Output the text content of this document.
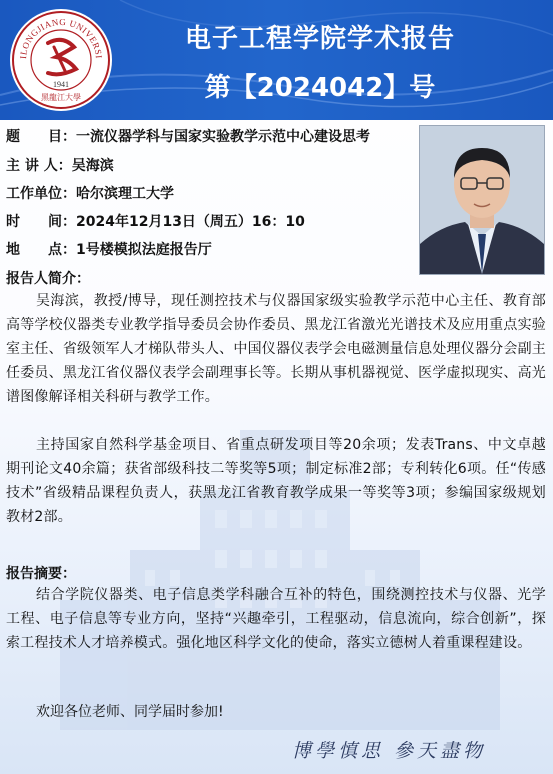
ILONGJIANG UNIVERSI
1941
黑龍江大學
电子工程学院学术报告
第【2024042】号
题　　目：一流仪器学科与国家实验教学示范中心建设思考
主 讲 人：吴海滨
工作单位：哈尔滨理工大学
时　　间：2024年12月13日（周五）16：10
地　　点：1号楼模拟法庭报告厅
报告人简介：

吴海滨，教授/博导，现任测控技术与仪器国家级实验教学示范中心主任、教育部高等学校仪器类专业教学指导委员会协作委员、黑龙江省激光光谱技术及应用重点实验室主任、省级领军人才梯队带头人、中国仪器仪表学会电磁测量信息处理仪器分会副主任委员、黑龙江省仪器仪表学会副理事长等。长期从事机器视觉、医学虚拟现实、高光谱图像解译相关科研与教学工作。

主持国家自然科学基金项目、省重点研发项目等20余项；发表Trans、中文卓越期刊论文40余篇；获省部级科技二等奖等5项；制定标准2部；专利转化6项。任“传感技术”省级精品课程负责人，获黑龙江省教育教学成果一等奖等3项；参编国家级规划教材2部。

报告摘要：

结合学院仪器类、电子信息类学科融合互补的特色，围绕测控技术与仪器、光学工程、电子信息等专业方向，坚持“兴趣牵引，工程驱动，信息流向，综合创新”，探索工程技术人才培养模式。强化地区科学文化的使命，落实立德树人着重课程建设。

欢迎各位老师、同学届时参加!
博學慎思 參天盡物
